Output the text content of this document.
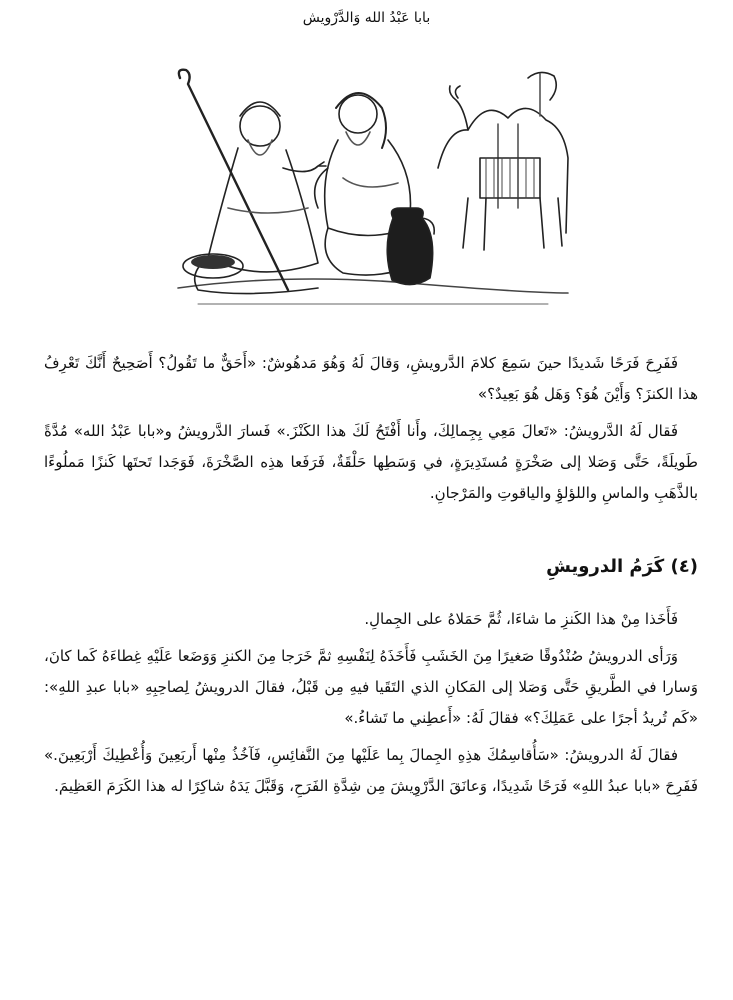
بابا عَبْدُ الله وَالدَّرْويش

فَفَرِحَ فَرَحًا شَديدًا حينَ سَمِعَ كلامَ الدَّرويشِ، وَقالَ لَهُ وَهُوَ مَدهُوشٌ: «أَحَقٌّ ما تَقُولُ؟ أَصَحِيحٌ أَنَّكَ تَعْرِفُ هذا الكنزَ؟ وَأَيْنَ هُوَ؟ وَهَل هُوَ بَعِيدٌ؟»

فَقال لَهُ الدَّرويشُ: «تَعالَ مَعِي بِجِمالِكَ، وأَنا أَفْتَحُ لَكَ هذا الكَنْزَ.» فَسارَ الدَّرويشُ و«بابا عَبْدُ الله» مُدَّةً طَويلَةً، حَتَّى وَصَلا إلى صَخْرَةٍ مُستَدِيرَةٍ، في وَسَطِها حَلْقَةٌ، فَرَفَعا هذِه الصَّخْرَةَ، فَوَجَدا تَحتَها كَنزًا مَملُوءًا بالذَّهَبِ والماسِ واللؤلؤِ والياقوتِ والمَرْجانِ.

(٤) كَرَمُ الدرويشِ

فَأَخَذا مِنْ هذا الكَنزِ ما شاءَا، ثُمَّ حَمَلاهُ على الجِمالِ.

وَرَأى الدرويشُ صُنْدُوقًا صَغيرًا مِنَ الخَشَبِ فَأَخَذَهُ لِنَفْسِهِ ثمَّ خَرَجا مِنَ الكنزِ وَوَضَعا عَلَيْهِ غِطاءَهُ كَما كانَ، وَسارا في الطَّريقِ حَتَّى وَصَلا إلى المَكانِ الذي التَقَيا فيهِ مِن قَبْلُ، فقالَ الدرويشُ لِصاحِبِهِ «بابا عبدِ اللهِ»: «كَم تُريدُ أجرًا على عَمَلِكَ؟» فقالَ لَهُ: «أَعطِني ما تَشاءُ.»

فقالَ لَهُ الدرويشُ: «سَأُقاسِمُكَ هذِهِ الجِمالَ بِما عَلَيْها مِنَ النَّفائِسِ، فَآخُذُ مِنْها أَربَعِينَ وَأُعْطِيكَ أَرْبَعِينَ.» فَفَرِحَ «بابا عبدُ اللهِ» فَرَحًا شَدِيدًا، وَعانَقَ الدَّرْوِيشَ مِن شِدَّةِ الفَرَحِ، وَقَبَّلَ يَدَهُ شاكِرًا له هذا الكَرَمَ العَظِيمَ.
